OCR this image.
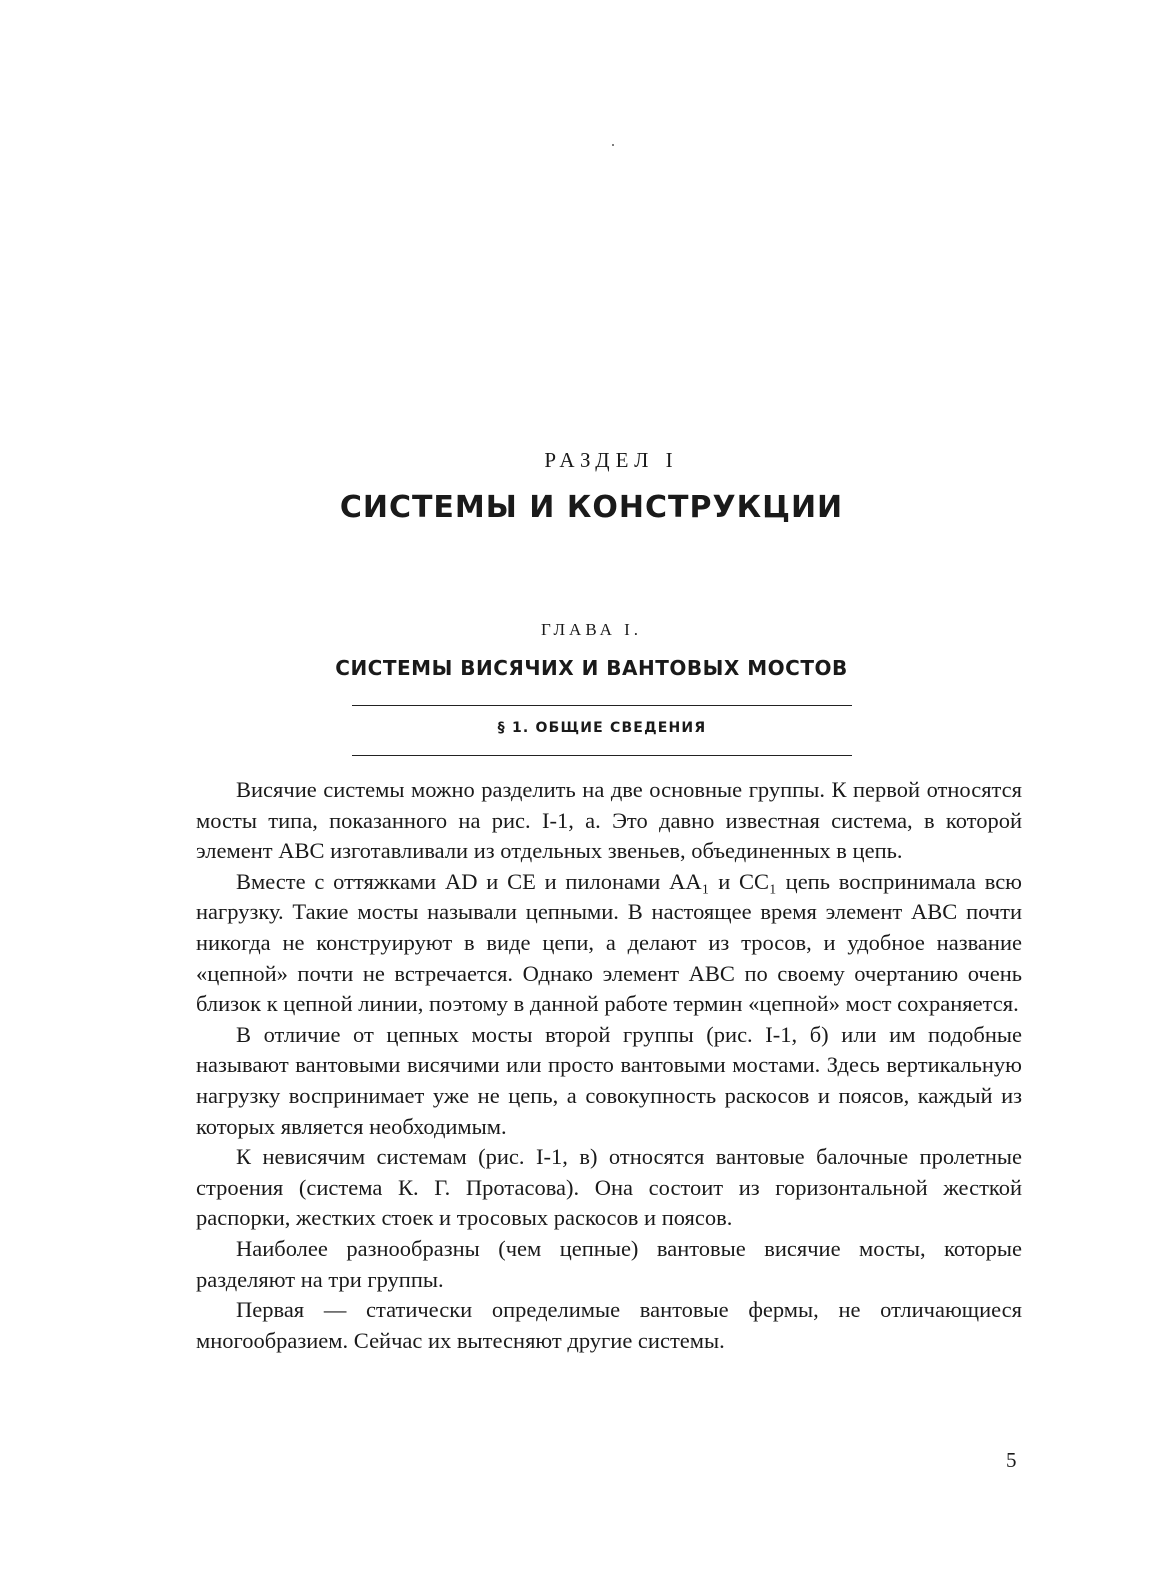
РАЗДЕЛ I
СИСТЕМЫ И КОНСТРУКЦИИ
ГЛАВА I.
СИСТЕМЫ ВИСЯЧИХ И ВАНТОВЫХ МОСТОВ
§ 1. ОБЩИЕ СВЕДЕНИЯ

Висячие системы можно разделить на две основные группы. К первой относятся мосты типа, показанного на рис. I-1, а. Это давно известная система, в которой элемент ABC изготавливали из отдельных звеньев, объединенных в цепь.

Вместе с оттяжками AD и CE и пилонами AA₁ и CC₁ цепь воспринимала всю нагрузку. Такие мосты называли цепными. В настоящее время элемент ABC почти никогда не конструируют в виде цепи, а делают из тросов, и удобное название «цепной» почти не встречается. Однако элемент ABC по своему очертанию очень близок к цепной линии, поэтому в данной работе термин «цепной» мост сохраняется.

В отличие от цепных мосты второй группы (рис. I-1, б) или им подобные называют вантовыми висячими или просто вантовыми мостами. Здесь вертикальную нагрузку воспринимает уже не цепь, а совокупность раскосов и поясов, каждый из которых является необходимым.

К невисячим системам (рис. I-1, в) относятся вантовые балочные пролетные строения (система К. Г. Протасова). Она состоит из горизонтальной жесткой распорки, жестких стоек и тросовых раскосов и поясов.

Наиболее разнообразны (чем цепные) вантовые висячие мосты, которые разделяют на три группы.

Первая — статически определимые вантовые фермы, не отличающиеся многообразием. Сейчас их вытесняют другие системы.

5
